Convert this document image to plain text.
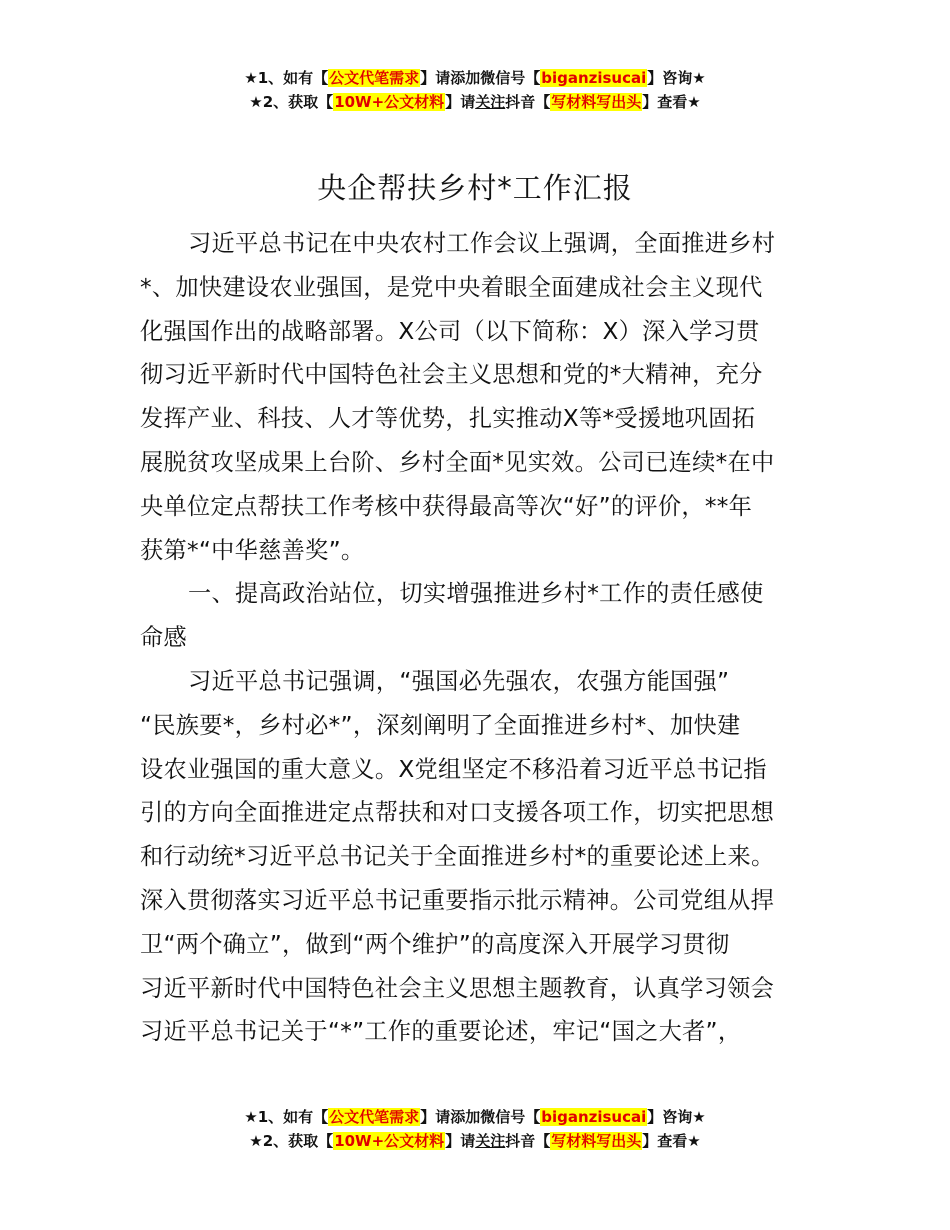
★1、如有【公文代笔需求】请添加微信号【biganzisucai】咨询★
★2、获取【10W+公文材料】请关注抖音【写材料写出头】查看★
央企帮扶乡村*工作汇报

习近平总书记在中央农村工作会议上强调，全面推进乡村
*、加快建设农业强国，是党中央着眼全面建成社会主义现代
化强国作出的战略部署。X公司（以下简称：X）深入学习贯
彻习近平新时代中国特色社会主义思想和党的*大精神，充分
发挥产业、科技、人才等优势，扎实推动X等*受援地巩固拓
展脱贫攻坚成果上台阶、乡村全面*见实效。公司已连续*在中
央单位定点帮扶工作考核中获得最高等次“好”的评价，**年
获第*“中华慈善奖”。

一、提高政治站位，切实增强推进乡村*工作的责任感使
命感

习近平总书记强调，“强国必先强农，农强方能国强”
“民族要*，乡村必*”，深刻阐明了全面推进乡村*、加快建
设农业强国的重大意义。X党组坚定不移沿着习近平总书记指
引的方向全面推进定点帮扶和对口支援各项工作，切实把思想
和行动统*习近平总书记关于全面推进乡村*的重要论述上来。
深入贯彻落实习近平总书记重要指示批示精神。公司党组从捍
卫“两个确立”，做到“两个维护”的高度深入开展学习贯彻
习近平新时代中国特色社会主义思想主题教育，认真学习领会
习近平总书记关于“*”工作的重要论述，牢记“国之大者”，

★1、如有【公文代笔需求】请添加微信号【biganzisucai】咨询★
★2、获取【10W+公文材料】请关注抖音【写材料写出头】查看★
